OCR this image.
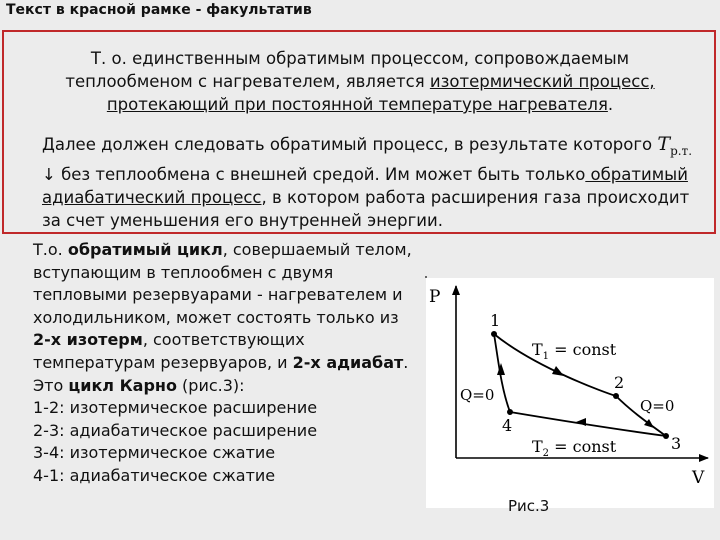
Текст в красной рамке - факультатив
Т. о. единственным обратимым процессом, сопровождаемым теплообменом с нагревателем, является изотермический процесс, протекающий при постоянной температуре нагревателя.
Далее должен следовать обратимый процесс, в результате которого $T_{р.т.}$ ↓ без теплообмена с внешней средой. Им может быть только обратимый адиабатический процесс, в котором работа расширения газа происходит за счет уменьшения его внутренней энергии.
Т.о. обратимый цикл, совершаемый телом, вступающим в теплообмен с двумя тепловыми резервуарами - нагревателем и холодильником, может состоять только из 2-х изотерм, соответствующих температурам резервуаров, и 2-х адиабат. Это цикл Карно (рис.3):
1-2: изотермическое расширение
2-3: адиабатическое расширение
3-4: изотермическое сжатие
4-1: адиабатическое сжатие
P
V
1
2
3
4
$T_1$ = const
$T_2$ = const
Q=0
Q=0
Рис.3
